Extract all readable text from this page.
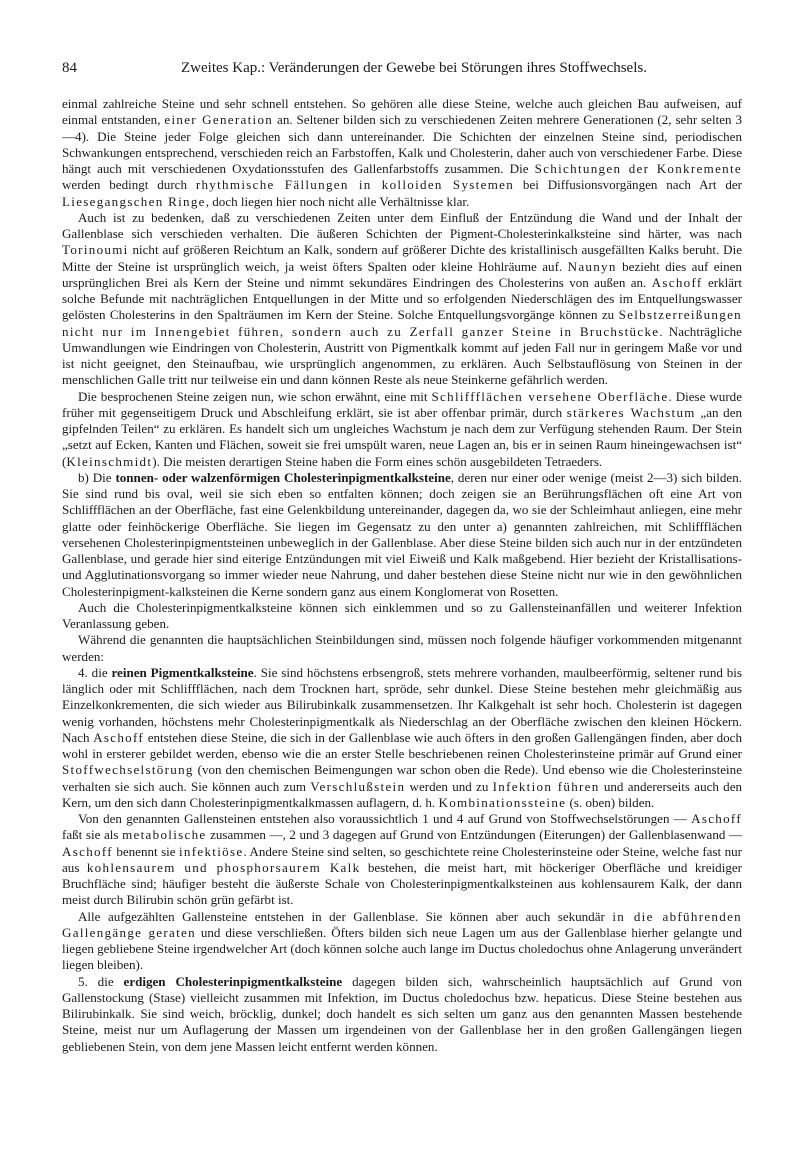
84	Zweites Kap.: Veränderungen der Gewebe bei Störungen ihres Stoffwechsels.

einmal zahlreiche Steine und sehr schnell entstehen. So gehören alle diese Steine, welche auch gleichen Bau aufweisen, auf einmal entstanden, einer Generation an. Seltener bilden sich zu verschiedenen Zeiten mehrere Generationen (2, sehr selten 3—4). Die Steine jeder Folge gleichen sich dann untereinander. Die Schichten der einzelnen Steine sind, periodischen Schwankungen entsprechend, verschieden reich an Farbstoffen, Kalk und Cholesterin, daher auch von verschiedener Farbe. Diese hängt auch mit verschiedenen Oxydationsstufen des Gallenfarbstoffs zusammen. Die Schichtungen der Konkremente werden bedingt durch rhythmische Fällungen in kolloiden Systemen bei Diffusionsvorgängen nach Art der Liesegangschen Ringe, doch liegen hier noch nicht alle Verhältnisse klar.

Auch ist zu bedenken, daß zu verschiedenen Zeiten unter dem Einfluß der Entzündung die Wand und der Inhalt der Gallenblase sich verschieden verhalten. Die äußeren Schichten der Pigment-Cholesterinkalksteine sind härter, was nach Torinoumi nicht auf größeren Reichtum an Kalk, sondern auf größerer Dichte des kristallinisch ausgefällten Kalks beruht. Die Mitte der Steine ist ursprünglich weich, ja weist öfters Spalten oder kleine Hohlräume auf. Naunyn bezieht dies auf einen ursprünglichen Brei als Kern der Steine und nimmt sekundäres Eindringen des Cholesterins von außen an. Aschoff erklärt solche Befunde mit nachträglichen Entquellungen in der Mitte und so erfolgenden Niederschlägen des im Entquellungswasser gelösten Cholesterins in den Spalträumen im Kern der Steine. Solche Entquellungsvorgänge können zu Selbstzerreißungen nicht nur im Innengebiet führen, sondern auch zu Zerfall ganzer Steine in Bruchstücke. Nachträgliche Umwandlungen wie Eindringen von Cholesterin, Austritt von Pigmentkalk kommt auf jeden Fall nur in geringem Maße vor und ist nicht geeignet, den Steinaufbau, wie ursprünglich angenommen, zu erklären. Auch Selbstauflösung von Steinen in der menschlichen Galle tritt nur teilweise ein und dann können Reste als neue Steinkerne gefährlich werden.

Die besprochenen Steine zeigen nun, wie schon erwähnt, eine mit Schliffflächen versehene Oberfläche. Diese wurde früher mit gegenseitigem Druck und Abschleifung erklärt, sie ist aber offenbar primär, durch stärkeres Wachstum „an den gipfelnden Teilen“ zu erklären. Es handelt sich um ungleiches Wachstum je nach dem zur Verfügung stehenden Raum. Der Stein „setzt auf Ecken, Kanten und Flächen, soweit sie frei umspült waren, neue Lagen an, bis er in seinen Raum hineingewachsen ist“ (Kleinschmidt). Die meisten derartigen Steine haben die Form eines schön ausgebildeten Tetraeders.

b) Die tonnen- oder walzenförmigen Cholesterinpigmentkalksteine, deren nur einer oder wenige (meist 2—3) sich bilden. Sie sind rund bis oval, weil sie sich eben so entfalten können; doch zeigen sie an Berührungsflächen oft eine Art von Schliffflächen an der Oberfläche, fast eine Gelenkbildung untereinander, dagegen da, wo sie der Schleimhaut anliegen, eine mehr glatte oder feinhöckerige Oberfläche. Sie liegen im Gegensatz zu den unter a) genannten zahlreichen, mit Schliffflächen versehenen Cholesterinpigmentsteinen unbeweglich in der Gallenblase. Aber diese Steine bilden sich auch nur in der entzündeten Gallenblase, und gerade hier sind eiterige Entzündungen mit viel Eiweiß und Kalk maßgebend. Hier bezieht der Kristallisations- und Agglutinationsvorgang so immer wieder neue Nahrung, und daher bestehen diese Steine nicht nur wie in den gewöhnlichen Cholesterinpigment-kalksteinen die Kerne sondern ganz aus einem Konglomerat von Rosetten.

Auch die Cholesterinpigmentkalksteine können sich einklemmen und so zu Gallensteinanfällen und weiterer Infektion Veranlassung geben.

Während die genannten die hauptsächlichen Steinbildungen sind, müssen noch folgende häufiger vorkommenden mitgenannt werden:

4. die reinen Pigmentkalksteine. Sie sind höchstens erbsengroß, stets mehrere vorhanden, maulbeerförmig, seltener rund bis länglich oder mit Schliffflächen, nach dem Trocknen hart, spröde, sehr dunkel. Diese Steine bestehen mehr gleichmäßig aus Einzelkonkrementen, die sich wieder aus Bilirubinkalk zusammensetzen. Ihr Kalkgehalt ist sehr hoch. Cholesterin ist dagegen wenig vorhanden, höchstens mehr Cholesterinpigmentkalk als Niederschlag an der Oberfläche zwischen den kleinen Höckern. Nach Aschoff entstehen diese Steine, die sich in der Gallenblase wie auch öfters in den großen Gallengängen finden, aber doch wohl in ersterer gebildet werden, ebenso wie die an erster Stelle beschriebenen reinen Cholesterinsteine primär auf Grund einer Stoffwechselstörung (von den chemischen Beimengungen war schon oben die Rede). Und ebenso wie die Cholesterinsteine verhalten sie sich auch. Sie können auch zum Verschlußstein werden und zu Infektion führen und andererseits auch den Kern, um den sich dann Cholesterinpigmentkalkmassen auflagern, d. h. Kombinationssteine (s. oben) bilden.

Von den genannten Gallensteinen entstehen also voraussichtlich 1 und 4 auf Grund von Stoffwechselstörungen — Aschoff faßt sie als metabolische zusammen —, 2 und 3 dagegen auf Grund von Entzündungen (Eiterungen) der Gallenblasenwand — Aschoff benennt sie infektiöse. Andere Steine sind selten, so geschichtete reine Cholesterinsteine oder Steine, welche fast nur aus kohlensaurem und phosphorsaurem Kalk bestehen, die meist hart, mit höckeriger Oberfläche und kreidiger Bruchfläche sind; häufiger besteht die äußerste Schale von Cholesterinpigmentkalksteinen aus kohlensaurem Kalk, der dann meist durch Bilirubin schön grün gefärbt ist.

Alle aufgezählten Gallensteine entstehen in der Gallenblase. Sie können aber auch sekundär in die abführenden Gallengänge geraten und diese verschließen. Öfters bilden sich neue Lagen um aus der Gallenblase hierher gelangte und liegen gebliebene Steine irgendwelcher Art (doch können solche auch lange im Ductus choledochus ohne Anlagerung unverändert liegen bleiben).

5. die erdigen Cholesterinpigmentkalksteine dagegen bilden sich, wahrscheinlich hauptsächlich auf Grund von Gallenstockung (Stase) vielleicht zusammen mit Infektion, im Ductus choledochus bzw. hepaticus. Diese Steine bestehen aus Bilirubinkalk. Sie sind weich, bröcklig, dunkel; doch handelt es sich selten um ganz aus den genannten Massen bestehende Steine, meist nur um Auflagerung der Massen um irgendeinen von der Gallenblase her in den großen Gallengängen liegen gebliebenen Stein, von dem jene Massen leicht entfernt werden können.
